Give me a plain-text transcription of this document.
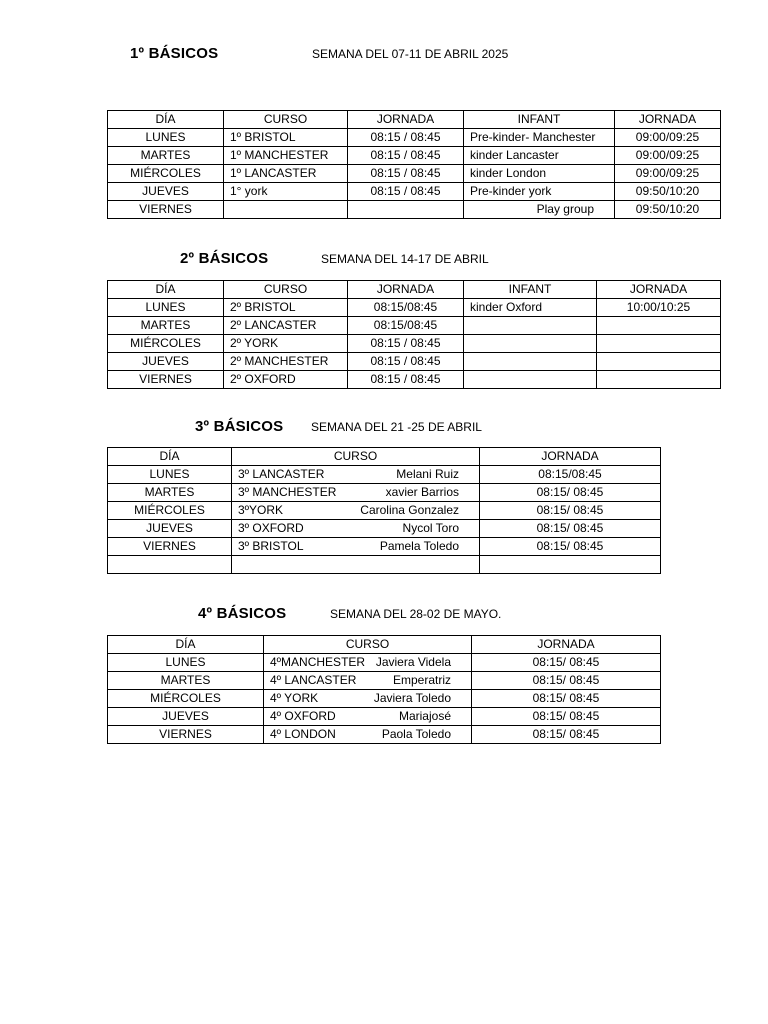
1º BÁSICOS	SEMANA DEL 07-11 DE ABRIL 2025
DÍA	CURSO	JORNADA	INFANT	JORNADA
LUNES	1º BRISTOL	08:15 / 08:45	Pre-kinder- Manchester	09:00/09:25
MARTES	1º MANCHESTER	08:15 / 08:45	kinder Lancaster	09:00/09:25
MIÉRCOLES	1º LANCASTER	08:15 / 08:45	kinder London	09:00/09:25
JUEVES	1° york	08:15 / 08:45	Pre-kinder york	09:50/10:20
VIERNES			Play group	09:50/10:20
2º BÁSICOS	SEMANA DEL 14-17 DE ABRIL
DÍA	CURSO	JORNADA	INFANT	JORNADA
LUNES	2º BRISTOL	08:15/08:45	kinder Oxford	10:00/10:25
MARTES	2º LANCASTER	08:15/08:45		
MIÉRCOLES	2º YORK	08:15 / 08:45		
JUEVES	2º MANCHESTER	08:15 / 08:45		
VIERNES	2º OXFORD	08:15 / 08:45		
3º BÁSICOS SEMANA DEL 21 -25 DE ABRIL
DÍA	CURSO	JORNADA
LUNES	3º LANCASTER Melani Ruiz	08:15/08:45
MARTES	3º MANCHESTER xavier Barrios	08:15/ 08:45
MIÉRCOLES	3ºYORK Carolina Gonzalez	08:15/ 08:45
JUEVES	3º OXFORD Nycol Toro	08:15/ 08:45
VIERNES	3º BRISTOL Pamela Toledo	08:15/ 08:45

4º BÁSICOS	SEMANA DEL 28-02 DE MAYO.
DÍA	CURSO	JORNADA
LUNES	4ºMANCHESTER Javiera Videla	08:15/ 08:45
MARTES	4º LANCASTER Emperatriz	08:15/ 08:45
MIÉRCOLES	4º YORK Javiera Toledo	08:15/ 08:45
JUEVES	4º OXFORD Mariajosé	08:15/ 08:45
VIERNES	4º LONDON Paola Toledo	08:15/ 08:45
